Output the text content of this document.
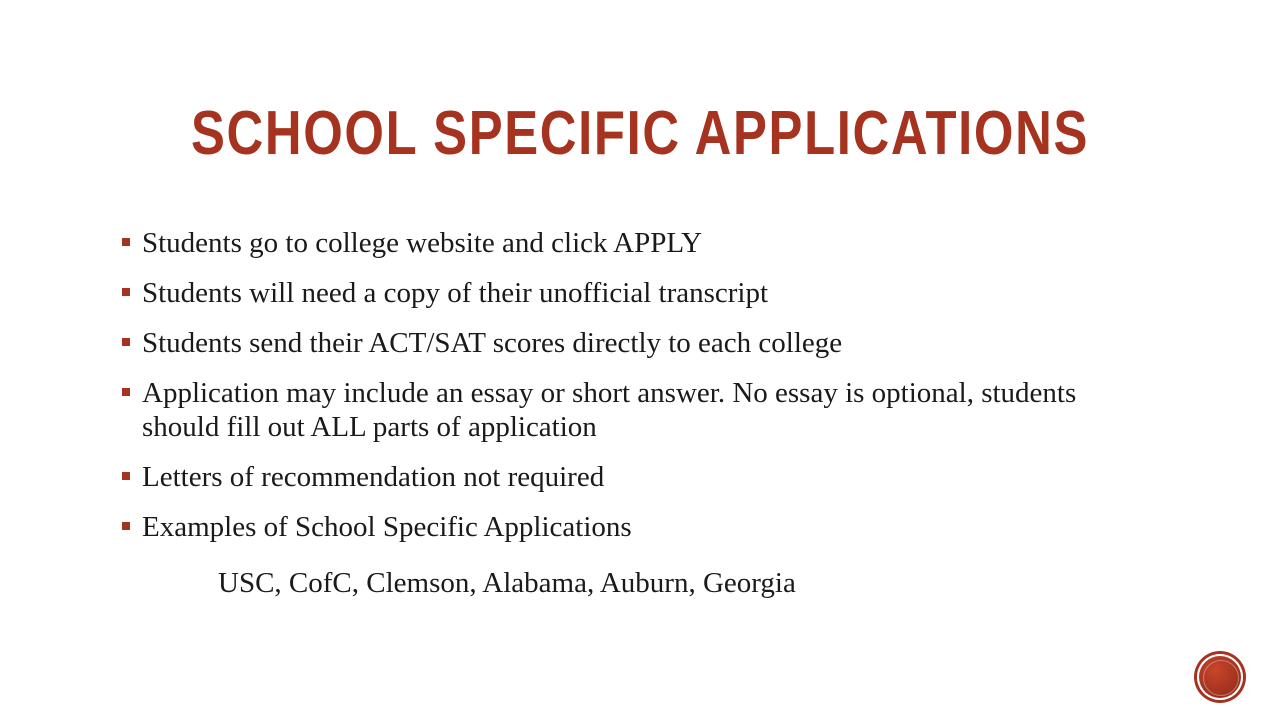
SCHOOL SPECIFIC APPLICATIONS
Students go to college website and click APPLY
Students will need a copy of their unofficial transcript
Students send their ACT/SAT scores directly to each college
Application may include an essay or short answer. No essay is optional, students should fill out ALL parts of application
Letters of recommendation not required
Examples of School Specific Applications
USC, CofC, Clemson, Alabama, Auburn, Georgia
